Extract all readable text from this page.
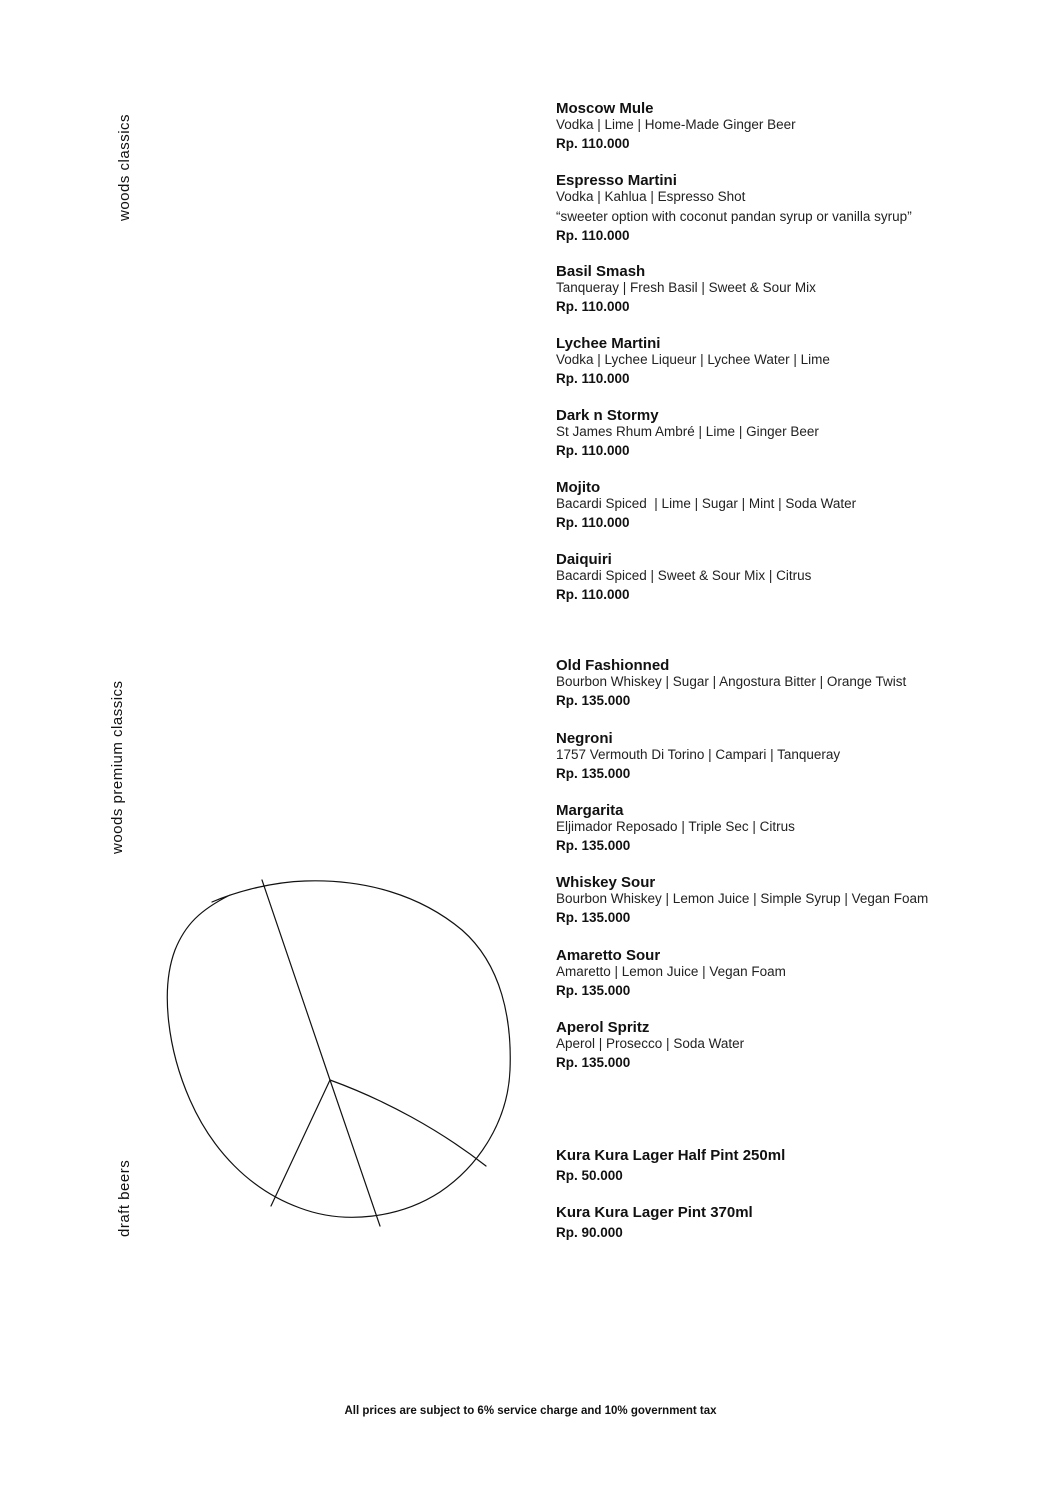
woods classics
woods premium classics
draft beers
Moscow Mule
Vodka | Lime | Home-Made Ginger Beer
Rp. 110.000
Espresso Martini
Vodka | Kahlua | Espresso Shot
“sweeter option with coconut pandan syrup or vanilla syrup”
Rp. 110.000
Basil Smash
Tanqueray | Fresh Basil | Sweet & Sour Mix
Rp. 110.000
Lychee Martini
Vodka | Lychee Liqueur | Lychee Water | Lime
Rp. 110.000
Dark n Stormy
St James Rhum Ambré | Lime | Ginger Beer
Rp. 110.000
Mojito
Bacardi Spiced  | Lime | Sugar | Mint | Soda Water
Rp. 110.000
Daiquiri
Bacardi Spiced | Sweet & Sour Mix | Citrus
Rp. 110.000
Old Fashionned
Bourbon Whiskey | Sugar | Angostura Bitter | Orange Twist
Rp. 135.000
Negroni
1757 Vermouth Di Torino | Campari | Tanqueray
Rp. 135.000
Margarita
Eljimador Reposado | Triple Sec | Citrus
Rp. 135.000
Whiskey Sour
Bourbon Whiskey | Lemon Juice | Simple Syrup | Vegan Foam
Rp. 135.000
Amaretto Sour
Amaretto | Lemon Juice | Vegan Foam
Rp. 135.000
Aperol Spritz
Aperol | Prosecco | Soda Water
Rp. 135.000
Kura Kura Lager Half Pint 250ml
Rp. 50.000
Kura Kura Lager Pint 370ml
Rp. 90.000
All prices are subject to 6% service charge and 10% government tax
